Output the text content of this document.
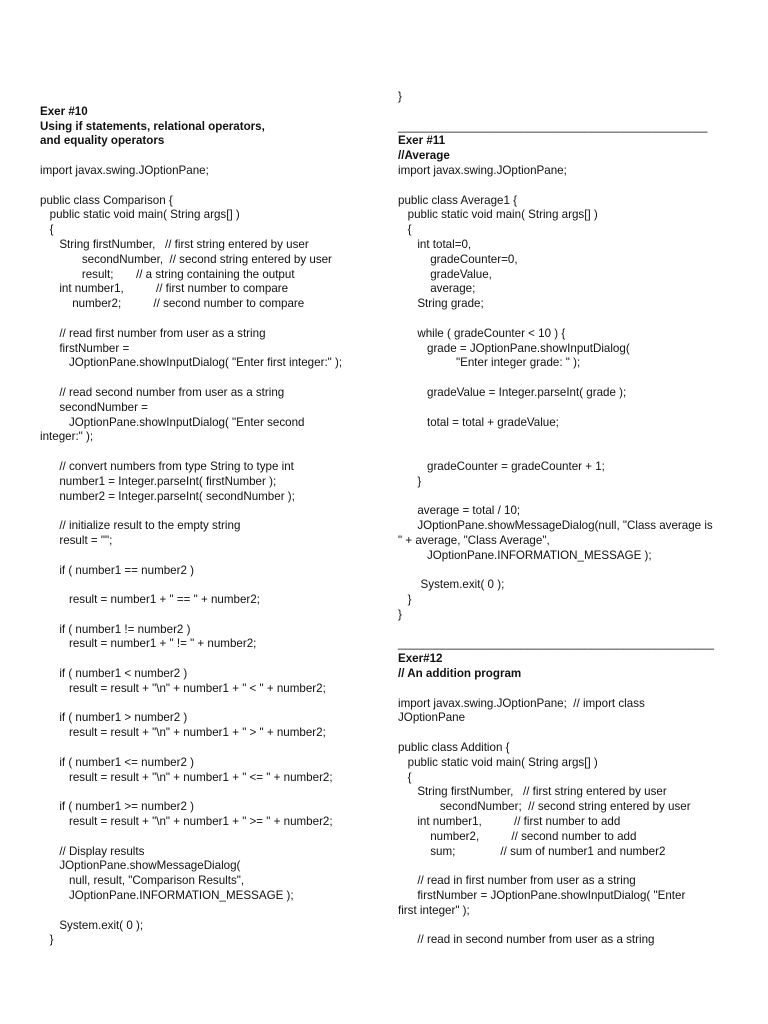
Exer #10
Using if statements, relational operators,
and equality operators
import javax.swing.JOptionPane;
public class Comparison {
public static void main( String args[] )
{
String firstNumber,   // first string entered by user
secondNumber,  // second string entered by user
result;       // a string containing the output
int number1,          // first number to compare
number2;          // second number to compare
// read first number from user as a string
firstNumber =
JOptionPane.showInputDialog( "Enter first integer:" );
// read second number from user as a string
secondNumber =
JOptionPane.showInputDialog( "Enter second
integer:" );
// convert numbers from type String to type int
number1 = Integer.parseInt( firstNumber );
number2 = Integer.parseInt( secondNumber );
// initialize result to the empty string
result = "";
if ( number1 == number2 )
result = number1 + " == " + number2;
if ( number1 != number2 )
result = number1 + " != " + number2;
if ( number1 < number2 )
result = result + "\n" + number1 + " < " + number2;
if ( number1 > number2 )
result = result + "\n" + number1 + " > " + number2;
if ( number1 <= number2 )
result = result + "\n" + number1 + " <= " + number2;
if ( number1 >= number2 )
result = result + "\n" + number1 + " >= " + number2;
// Display results
JOptionPane.showMessageDialog(
null, result, "Comparison Results",
JOptionPane.INFORMATION_MESSAGE );
System.exit( 0 );
}
}
________________________________________________
Exer #11
//Average
import javax.swing.JOptionPane;
public class Average1 {
public static void main( String args[] )
{
int total=0,
gradeCounter=0,
gradeValue,
average;
String grade;
while ( gradeCounter < 10 ) {
grade = JOptionPane.showInputDialog(
"Enter integer grade: " );
gradeValue = Integer.parseInt( grade );
total = total + gradeValue;
gradeCounter = gradeCounter + 1;
}
average = total / 10;
JOptionPane.showMessageDialog(null, "Class average is
" + average, "Class Average",
JOptionPane.INFORMATION_MESSAGE );
System.exit( 0 );
}
}
_________________________________________________
Exer#12
// An addition program
import javax.swing.JOptionPane;  // import class
JOptionPane
public class Addition {
public static void main( String args[] )
{
String firstNumber,   // first string entered by user
secondNumber;  // second string entered by user
int number1,          // first number to add
number2,          // second number to add
sum;              // sum of number1 and number2
// read in first number from user as a string
firstNumber = JOptionPane.showInputDialog( "Enter
first integer" );
// read in second number from user as a string
